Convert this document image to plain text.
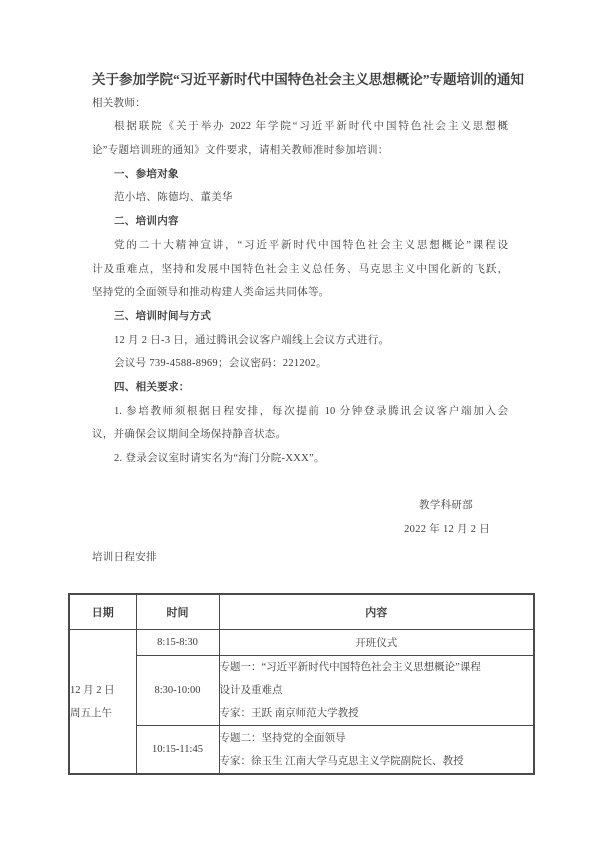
关于参加学院“习近平新时代中国特色社会主义思想概论”专题培训的通知
相关教师：
根据联院《关于举办 2022 年学院“习近平新时代中国特色社会主义思想概
论”专题培训班的通知》文件要求，请相关教师准时参加培训：
一、参培对象
范小培、陈德均、董美华
二、培训内容
党的二十大精神宣讲，“习近平新时代中国特色社会主义思想概论”课程设
计及重难点，坚持和发展中国特色社会主义总任务、马克思主义中国化新的飞跃，
坚持党的全面领导和推动构建人类命运共同体等。
三、培训时间与方式
12 月 2 日-3 日，通过腾讯会议客户端线上会议方式进行。
会议号 739-4588-8969；会议密码：221202。
四、相关要求：
1. 参培教师须根据日程安排，每次提前 10 分钟登录腾讯会议客户端加入会
议，并确保会议期间全场保持静音状态。
2. 登录会议室时请实名为“海门分院-XXX”。
教学科研部
2022 年 12 月 2 日
培训日程安排
日期	时间	内容

12 月 2 日
周五上午	8:15-8:30	开班仪式
	8:30-10:00	专题一：“习近平新时代中国特色社会主义思想概论”课程
设计及重难点
专家：王跃 南京师范大学教授

	10:15-11:45	专题二：坚持党的全面领导
专家：徐玉生 江南大学马克思主义学院副院长、教授
